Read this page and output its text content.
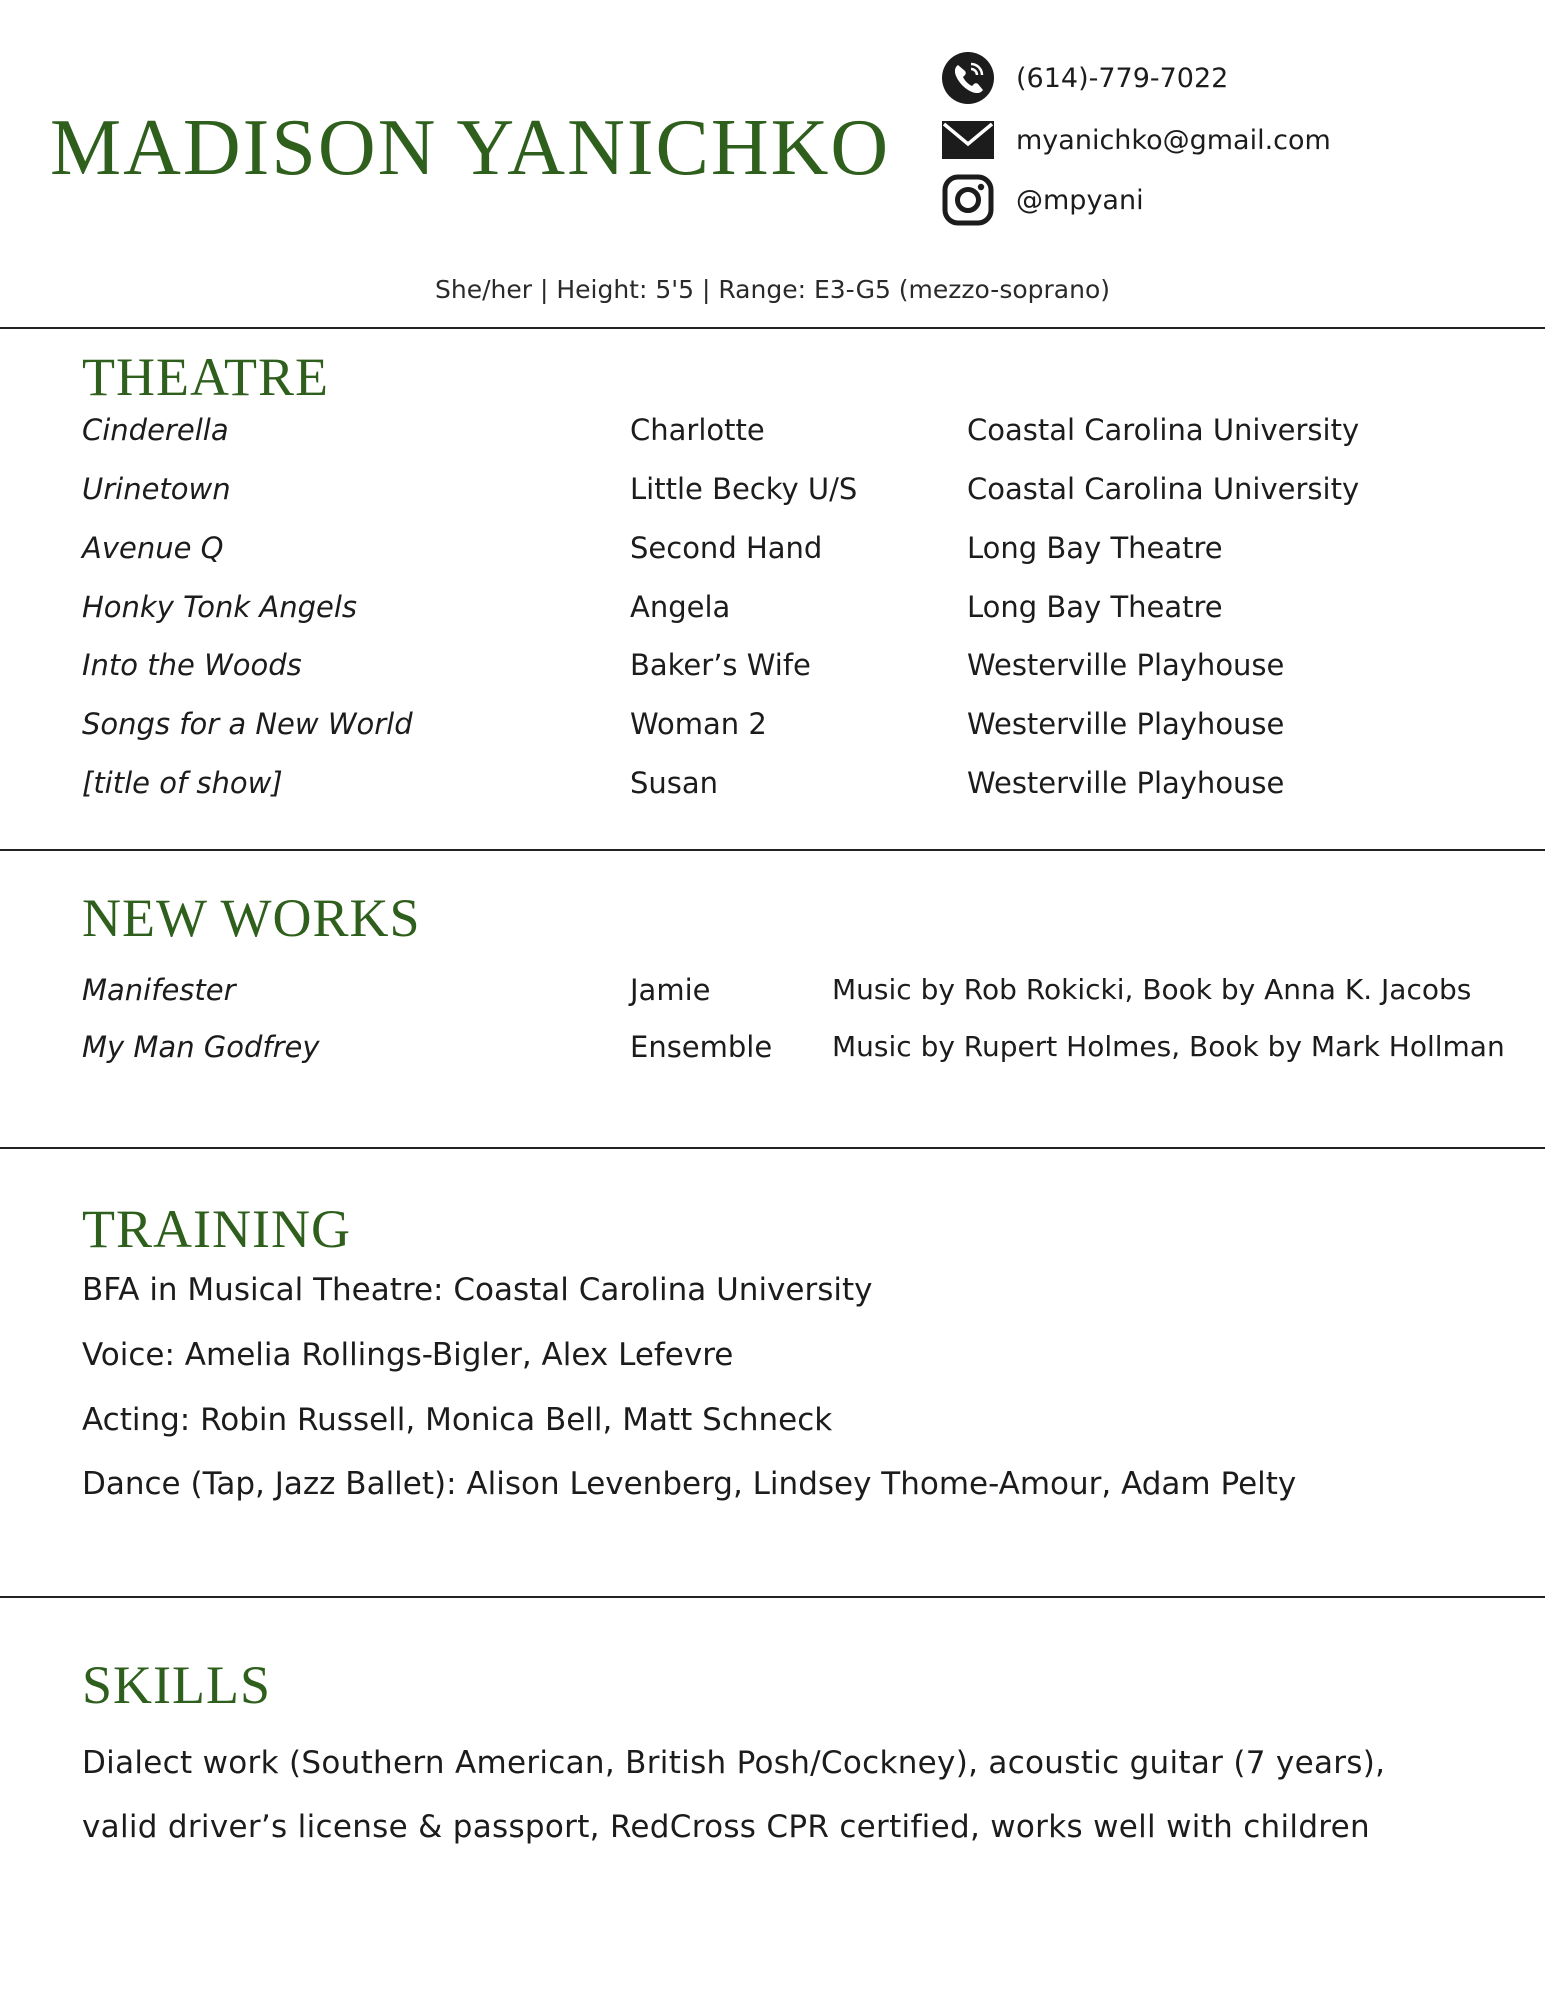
MADISON YANICHKO
(614)-779-7022
myanichko@gmail.com
@mpyani
She/her | Height: 5'5 | Range: E3-G5 (mezzo-soprano)
THEATRE
Cinderella	Charlotte	Coastal Carolina University
Urinetown	Little Becky U/S	Coastal Carolina University
Avenue Q	Second Hand	Long Bay Theatre
Honky Tonk Angels	Angela	Long Bay Theatre
Into the Woods	Baker’s Wife	Westerville Playhouse
Songs for a New World	Woman 2	Westerville Playhouse
[title of show]	Susan	Westerville Playhouse
NEW WORKS
Manifester	Jamie	Music by Rob Rokicki, Book by Anna K. Jacobs
My Man Godfrey	Ensemble Music by Rupert Holmes, Book by Mark Hollman
TRAINING

BFA in Musical Theatre: Coastal Carolina University

Voice: Amelia Rollings-Bigler, Alex Lefevre

Acting: Robin Russell, Monica Bell, Matt Schneck

Dance (Tap, Jazz Ballet): Alison Levenberg, Lindsey Thome-Amour, Adam Pelty

SKILLS

Dialect work (Southern American, British Posh/Cockney), acoustic guitar (7 years),

valid driver’s license & passport, RedCross CPR certified, works well with children
